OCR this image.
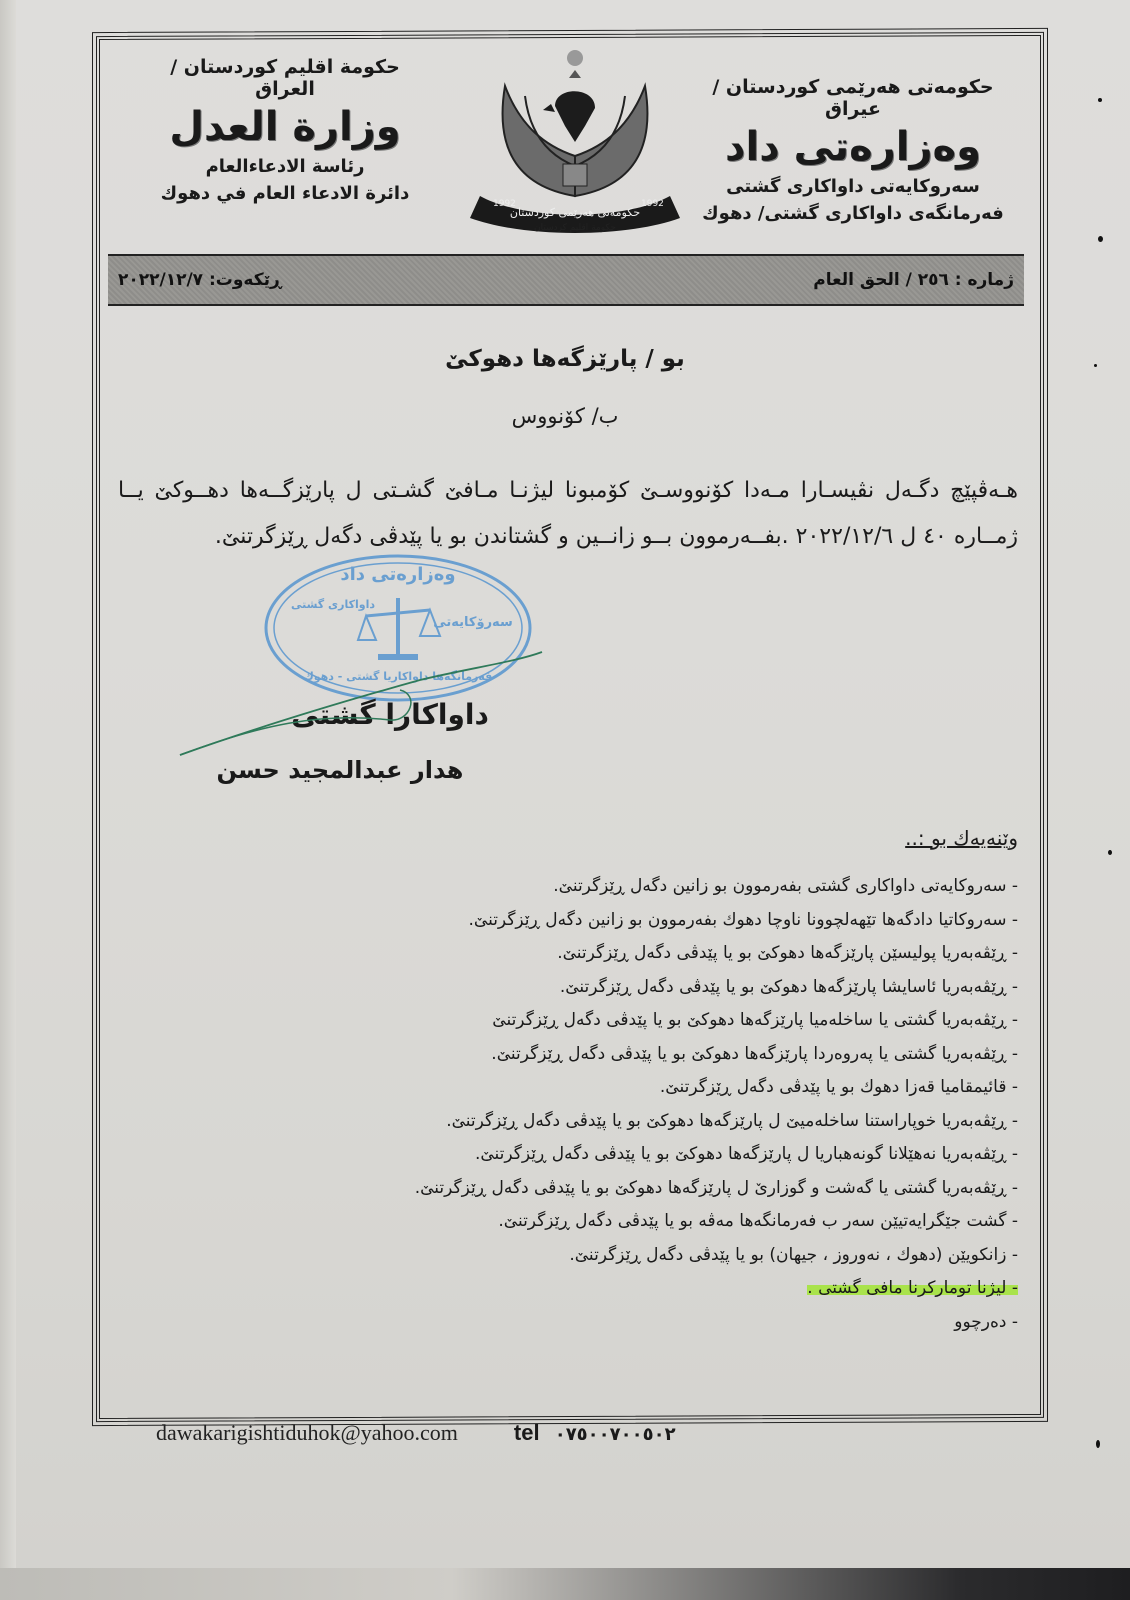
حكومة اقليم كوردستان / العراق
وزارة العدل
رئاسة الادعاءالعام
دائرة الادعاء العام في دهوك
حکومەتی هەرێمی کوردستان
حكومة اقليم كردستان
1992	1992
حکومەتی هەرێمی کوردستان / عیراق
وەزارەتی داد
سەروکایەتی داواکاری گشتی
فەرمانگەی داواکاری گشتی/ دهوك
ژمارە : ٢٥٦ / الحق العام
ڕێکەوت: ٢٠٢٢/١٢/٧
بو / پارێزگەها دهوكێ
ب/ کۆنووس
هـەڤپێچ دگـەل نڤیسـارا مـەدا کۆنووسـێ کۆمبونا لیژنـا مـافێ گشـتی ل پارێزگــەها دهــوکێ یــا ژمــارە ٤٠ ل ٢٠٢٢/١٢/٦ .بفــەرموون بــو زانــین و گشتاندن بو یا پێدڤی دگەل ڕێزگرتنێ.
وەزارەتی داد
داواکاری گشتی
سەرۆکایەتی
فەرمانگەها داواکاریا گشتی - دهوك
داواكارا گشتى
هدار عبدالمجيد حسن
وێنەیەك بو :..
- سەروکایەتی داواکاری گشتی بفەرموون بو زانین دگەل ڕێزگرتنێ.
- سەروکاتیا دادگەها تێهەلچوونا ناوچا دهوك بفەرموون بو زانین دگەل ڕێزگرتنێ.
- ڕێڤەبەریا پولیسێن پارێزگەها دهوکێ بو یا پێدڤی دگەل ڕێزگرتنێ.
- ڕێڤەبەریا ئاسایشا پارێزگەها دهوکێ بو یا پێدڤی دگەل ڕێزگرتنێ.
- ڕێڤەبەریا گشتی یا ساخلەمیا پارێزگەها دهوکێ بو یا پێدڤی دگەل ڕێزگرتنێ
- ڕێڤەبەریا گشتی یا پەروەردا پارێزگەها دهوکێ بو یا پێدڤی دگەل ڕێزگرتنێ.
- قائیمقامیا قەزا دهوك بو یا پێدڤی دگەل ڕێزگرتنێ.
- ڕێڤەبەریا خوپاراستنا ساخلەمیێ ل پارێزگەها دهوکێ بو یا پێدڤی دگەل ڕێزگرتنێ.
- ڕێڤەبەریا نەهێلانا گونەهباریا ل پارێزگەها دهوکێ بو یا پێدڤی دگەل ڕێزگرتنێ.
- ڕێڤەبەریا گشتی یا گەشت و گوزارێ ل پارێزگەها دهوکێ بو یا پێدڤی دگەل ڕێزگرتنێ.
- گشت جێگرایەتیێن سەر ب فەرمانگەها مەڤە بو یا پێدڤی دگەل ڕێزگرتنێ.
- زانکویێن (دهوك ، نەوروز ، جیهان) بو یا پێدڤی دگەل ڕێزگرتنێ.
- لیژنا تومارکرنا مافی گشتی .
- دەرچوو
dawakarigishtiduhok@yahoo.com	tel ٠٧٥٠٠٧٠٠٥٠٢
